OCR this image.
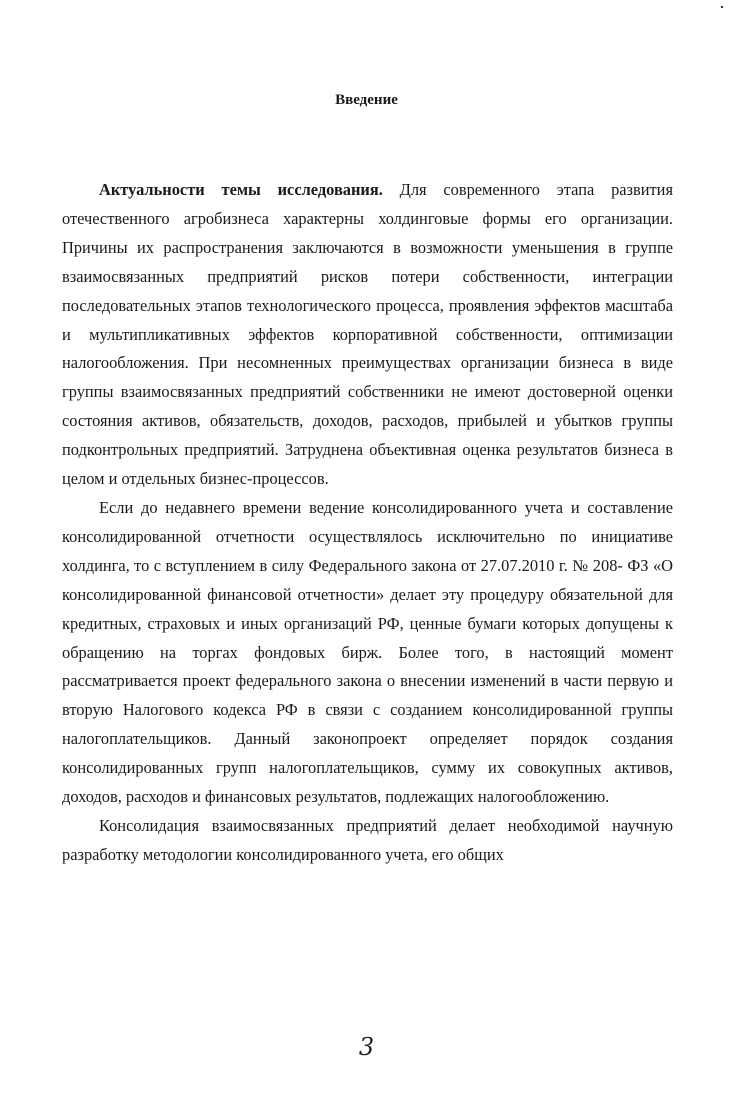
Введение

Актуальности темы исследования. Для современного этапа развития отечественного агробизнеса характерны холдинговые формы его организации. Причины их распространения заключаются в возможности уменьшения в группе взаимосвязанных предприятий рисков потери собственности, интеграции последовательных этапов технологического процесса, проявления эффектов масштаба и мультипликативных эффектов корпоративной собственности, оптимизации налогообложения. При несомненных преимуществах организации бизнеса в виде группы взаимосвязанных предприятий собственники не имеют достоверной оценки состояния активов, обязательств, доходов, расходов, прибылей и убытков группы подконтрольных предприятий. Затруднена объективная оценка результатов бизнеса в целом и отдельных бизнес-процессов.

Если до недавнего времени ведение консолидированного учета и составление консолидированной отчетности осуществлялось исключительно по инициативе холдинга, то с вступлением в силу Федерального закона от 27.07.2010 г. № 208- ФЗ «О консолидированной финансовой отчетности» делает эту процедуру обязательной для кредитных, страховых и иных организаций РФ, ценные бумаги которых допущены к обращению на торгах фондовых бирж. Более того, в настоящий момент рассматривается проект федерального закона о внесении изменений в части первую и вторую Налогового кодекса РФ в связи с созданием консолидированной группы налогоплательщиков. Данный законопроект определяет порядок создания консолидированных групп налогоплательщиков, сумму их совокупных активов, доходов, расходов и финансовых результатов, подлежащих налогообложению.

Консолидация взаимосвязанных предприятий делает необходимой научную разработку методологии консолидированного учета, его общих

3
